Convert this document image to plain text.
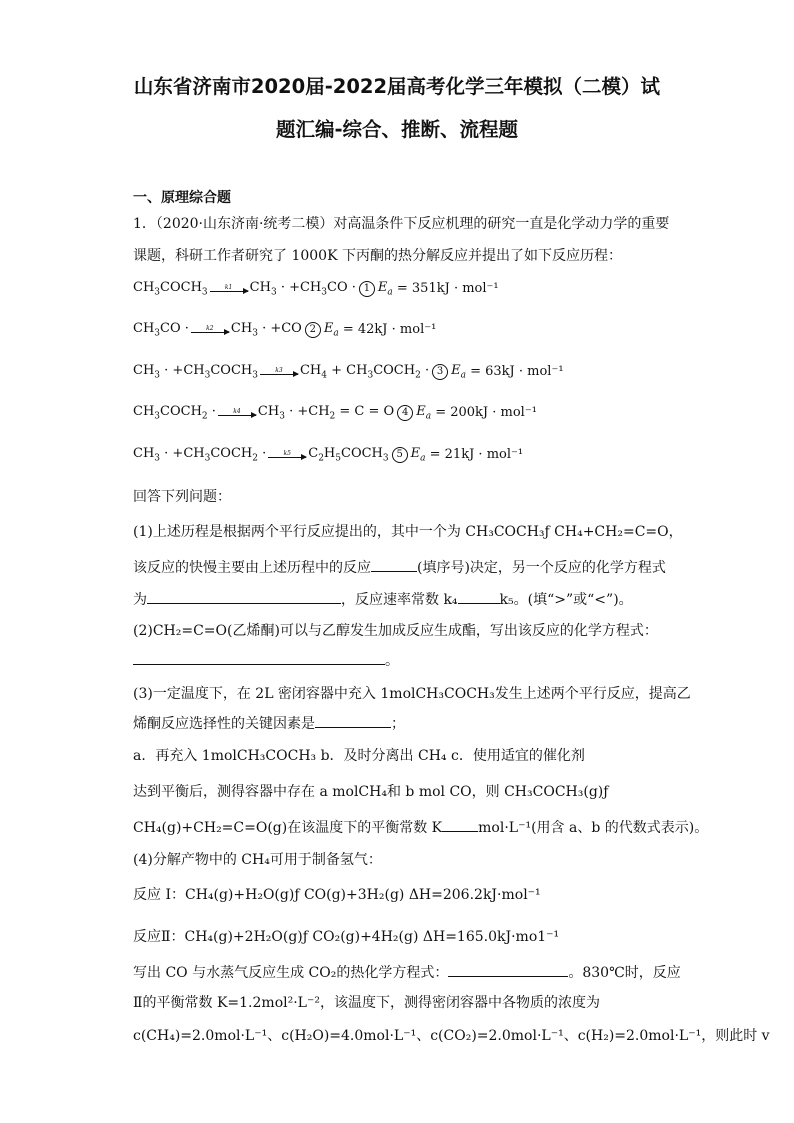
山东省济南市2020届-2022届高考化学三年模拟（二模）试
题汇编-综合、推断、流程题
一、原理综合题
1．（2020·山东济南·统考二模）对高温条件下反应机理的研究一直是化学动力学的重要
课题，科研工作者研究了 1000K 下丙酮的热分解反应并提出了如下反应历程：
$CH_3COCH_3$	k1 $CH_3 \cdot +CH_3CO \cdot 1$ $E_a$
= 351kJ · mol⁻¹
$CH_3CO$ ·	k2 $CH_3 \cdot +CO$ 2 $E_a$
= 42kJ · mol⁻¹
$CH_3$ · $+CH_3COCH_3$	k3 $CH_4$ + $CH_3COCH_2 \cdot 3$ $E_a$
= 63kJ · mol⁻¹
$CH_3COCH_2$ ·	k4 $CH_3 \cdot +CH_2 = C = O$ 4 $E_a$
= 200kJ · mol⁻¹
$CH_3$ · $+CH_3COCH_2$ ·	k5 $C_2H_5COCH_3$ 5 $E_a$
= 21kJ · mol⁻¹
回答下列问题：
(1)上述历程是根据两个平行反应提出的，其中一个为 CH₃COCH₃ƒ CH₄+CH₂=C=O，
该反应的快慢主要由上述历程中的反应	(填序号)决定，另一个反应的化学方程式
为	，反应速率常数 k₄	k₅。(填“>”或“<”)。
(2)CH₂=C=O(乙烯酮)可以与乙醇发生加成反应生成酯，写出该反应的化学方程式：
。
(3)一定温度下，在 2L 密闭容器中充入 1molCH₃COCH₃发生上述两个平行反应，提高乙
烯酮反应选择性的关键因素是	；
a．再充入 1molCH₃COCH₃ b．及时分离出 CH₄ c．使用适宜的催化剂
达到平衡后，测得容器中存在 a molCH₄和 b mol CO，则 CH₃COCH₃(g)ƒ
CH₄(g)+CH₂=C=O(g)在该温度下的平衡常数 K	mol·L⁻¹(用含 a、b 的代数式表示)。
(4)分解产物中的 CH₄可用于制备氢气：
反应 I：CH₄(g)+H₂O(g)ƒ CO(g)+3H₂(g) ΔH=206.2kJ·mol⁻¹
反应Ⅱ：CH₄(g)+2H₂O(g)ƒ CO₂(g)+4H₂(g) ΔH=165.0kJ·mo1⁻¹
写出 CO 与水蒸气反应生成 CO₂的热化学方程式：	。830℃时，反应
Ⅱ的平衡常数 K=1.2mol²·L⁻²，该温度下，测得密闭容器中各物质的浓度为
c(CH₄)=2.0mol·L⁻¹、c(H₂O)=4.0mol·L⁻¹、c(CO₂)=2.0mol·L⁻¹、c(H₂)=2.0mol·L⁻¹，则此时 v
